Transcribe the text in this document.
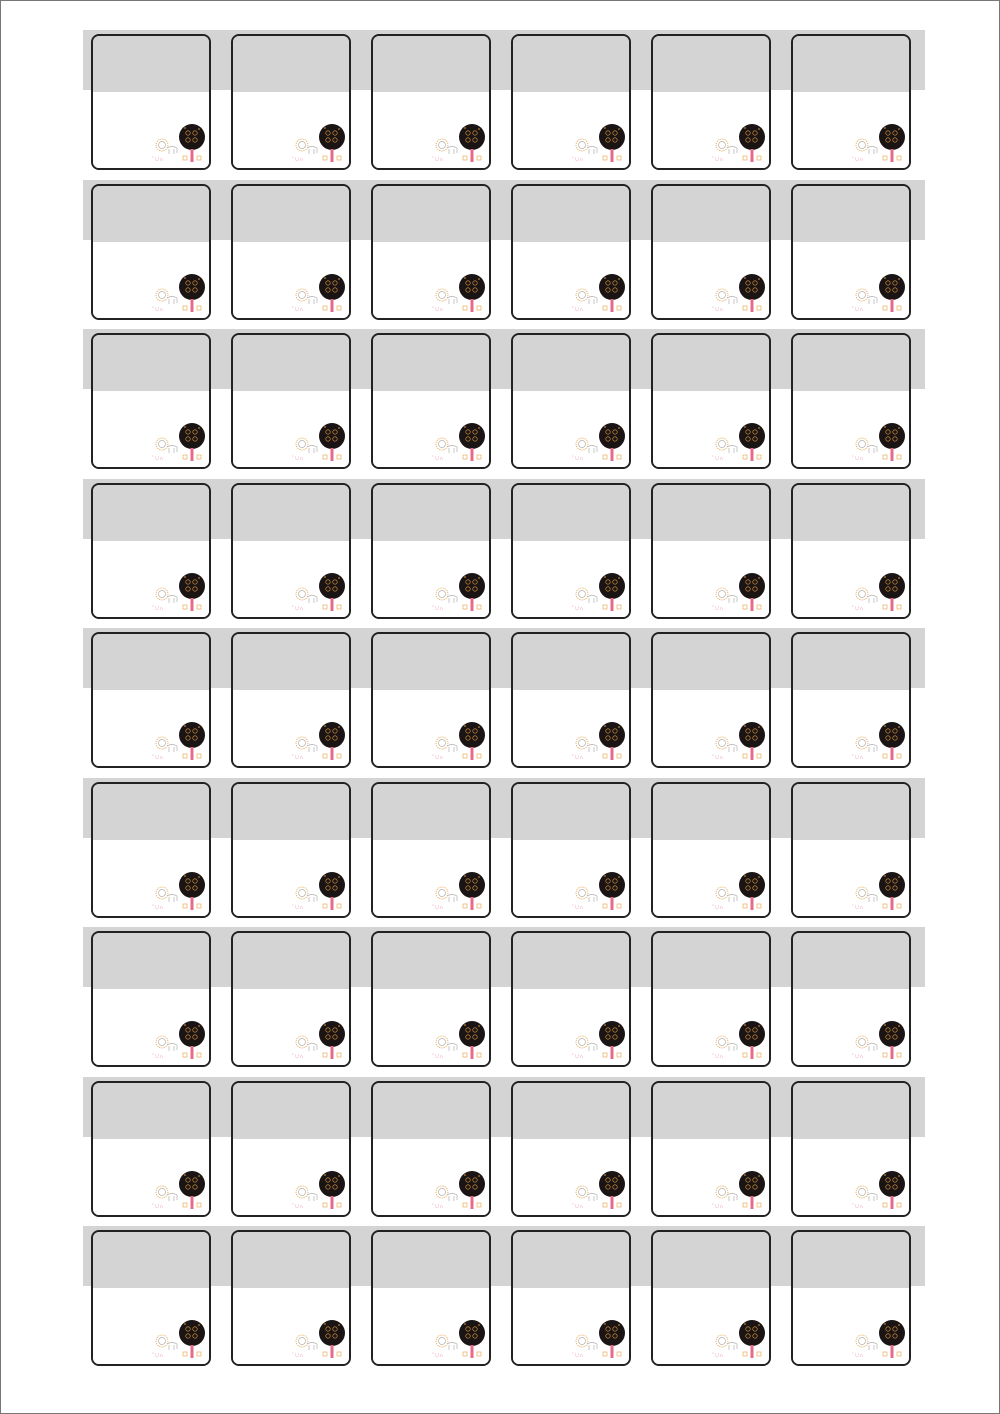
ﾟ∪∩	ﾟ∪∩	ﾟ∪∩	ﾟ∪∩	ﾟ∪∩	ﾟ∪∩
ﾟ∪∩	ﾟ∪∩	ﾟ∪∩	ﾟ∪∩	ﾟ∪∩	ﾟ∪∩
ﾟ∪∩	ﾟ∪∩	ﾟ∪∩	ﾟ∪∩	ﾟ∪∩	ﾟ∪∩
ﾟ∪∩	ﾟ∪∩	ﾟ∪∩	ﾟ∪∩	ﾟ∪∩	ﾟ∪∩
ﾟ∪∩	ﾟ∪∩	ﾟ∪∩	ﾟ∪∩	ﾟ∪∩	ﾟ∪∩
ﾟ∪∩	ﾟ∪∩	ﾟ∪∩	ﾟ∪∩	ﾟ∪∩	ﾟ∪∩
ﾟ∪∩	ﾟ∪∩	ﾟ∪∩	ﾟ∪∩	ﾟ∪∩	ﾟ∪∩
ﾟ∪∩	ﾟ∪∩	ﾟ∪∩	ﾟ∪∩	ﾟ∪∩	ﾟ∪∩
ﾟ∪∩	ﾟ∪∩	ﾟ∪∩	ﾟ∪∩	ﾟ∪∩	ﾟ∪∩
